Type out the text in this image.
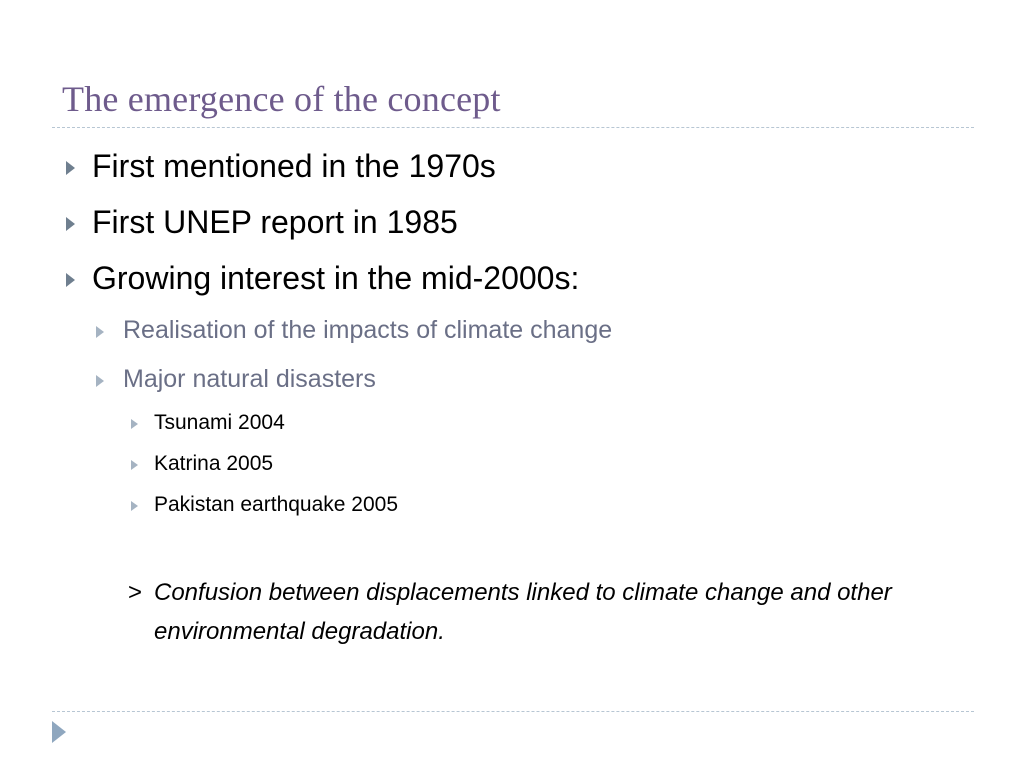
The emergence of the concept
First mentioned in the 1970s
First UNEP report in 1985
Growing interest in the mid-2000s:
Realisation of the impacts of climate change
Major natural disasters
Tsunami 2004
Katrina 2005
Pakistan earthquake 2005
> Confusion between displacements linked to climate change and other environmental degradation.
